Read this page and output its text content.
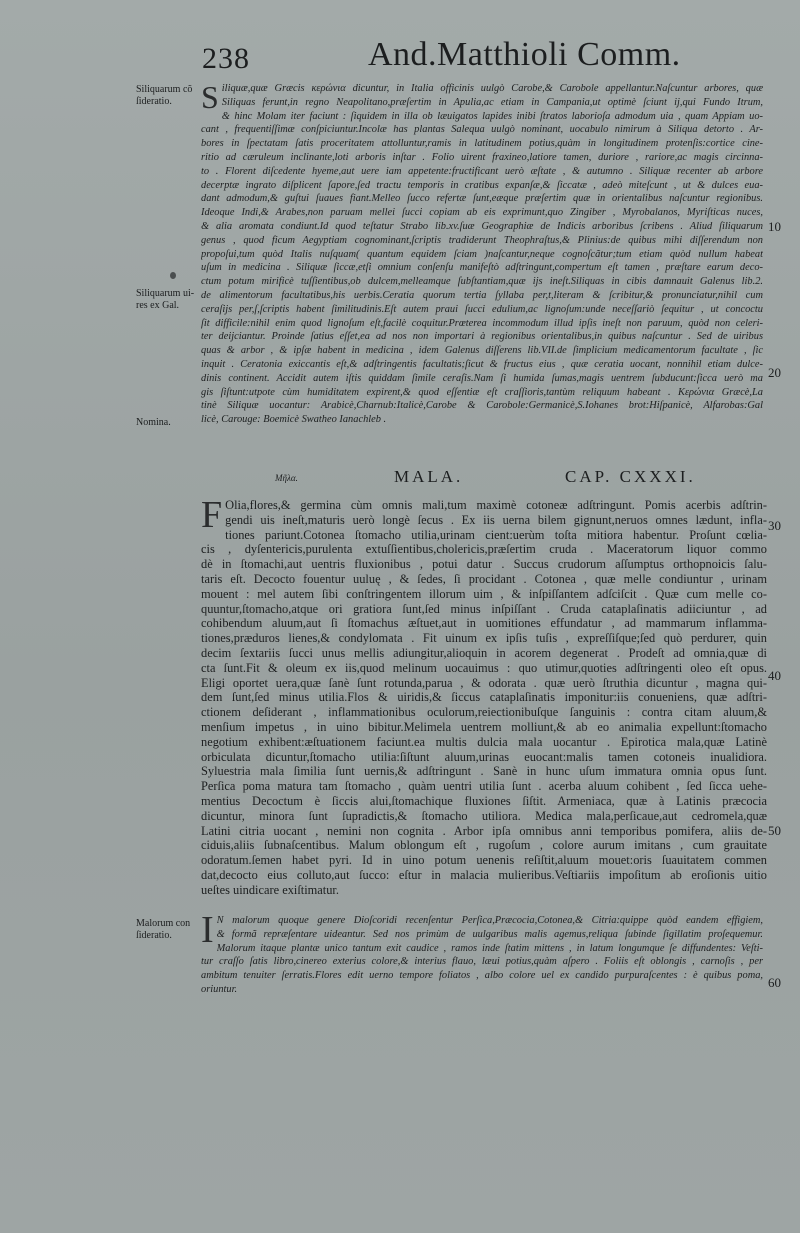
238	And.Matthioli Comm.
Siliquarum cõ ſideratio.
Siliquarum ui-res ex Gal.
Nomina.
Malorum con ſideratio.
10
20
30
40
50
60
S iliquæ,quæ Græcis κερώνια dicuntur, in Italia officinis uulgò Carobe,& Carobole appellantur.Naſcuntur arbores, quæ
Siliquas ferunt,in regno Neapolitano,præſertim in Apulia,ac etiam in Campania,ut optimè ſciunt ij,qui Fundo Itrum,
& hinc Molam iter faciunt : ſiquidem in illa ob læuigatos lapides inibi ſtratos laborioſa admodum uia , quam Appiam uo-
cant , frequentiſſimæ conſpiciuntur.Incolæ has plantas Salequa uulgò nominant, uocabulo nimirum à Siliqua detorto . Ar-
bores in ſpectatam ſatis proceritatem attolluntur,ramis in latitudinem potius,quàm in longitudinem protenſis:cortice cine-
ritio ad cæruleum inclinante,loti arboris inſtar . Folio uirent fraxineo,latiore tamen, duriore , rariore,ac magis circinna-
to . Florent diſcedente hyeme,aut uere iam appetente:fructificant uerò æſtate , & autumno . Siliquæ recenter ab arbore
decerptæ ingrato diſplicent ſapore,ſed tractu temporis in cratibus expanſæ,& ſiccatæ , adeò miteſcunt , ut & dulces eua-
dant admodum,& guſtui ſuaues fiant.Melleo ſucco refertæ ſunt,eæque præſertim quæ in orientalibus naſcuntur regionibus.
Ideoque Indi,& Arabes,non paruam mellei ſucci copiam ab eis exprimunt,quo Zingiber , Myrobalanos, Myriſticas nuces,
& alia aromata condiunt.Id quod teſtatur Strabo lib.xv.ſuæ Geographiæ de Indicis arboribus ſcribens . Aliud ſiliquarum
genus , quod ficum Aegyptiam cognominant,ſcriptis tradiderunt Theophraſtus,& Plinius:de quibus mihi diſſerendum non
propoſui,tum quòd Italis nuſquam( quantum equidem ſciam )naſcantur,neque cognoſcãtur;tum etiam quòd nullum habeat
uſum in medicina . Siliquæ ſiccæ,etſi omnium conſenſu manifeſtò adſtringunt,compertum eſt tamen , præſtare earum deco-
ctum potum mirificè tuſſientibus,ob dulcem,melleamque ſubſtantiam,quæ ijs ineſt.Siliquas in cibis damnauit Galenus lib.2.
de alimentorum facultatibus,his uerbis.Ceratia quorum tertia ſyllaba per,t,literam & ſcribitur,& pronunciatur,nihil cum
ceraſijs per,ſ,ſcriptis habent ſimilitudinis.Eſt autem praui ſucci edulium,ac lignoſum:unde neceſſariò ſequitur , ut concoctu
ſit difficile:nihil enim quod lignoſum eſt,facilè coquitur.Prœterea incommodum illud ipſis ineſt non paruum, quòd non celeri-
ter deijciantur. Proinde ſatius eſſet,ea ad nos non importari à regionibus orientalibus,in quibus naſcuntur . Sed de uiribus
quas & arbor , & ipſæ habent in medicina , idem Galenus diſſerens lib.VII.de ſimplicium medicamentorum facultate , ſic
inquit . Ceratonia exiccantis eſt,& adſtringentis facultatis;ſicut & fructus eius , quæ ceratia uocant, nonnihil etiam dulce-
dinis continent. Accidit autem iſtis quiddam ſimile ceraſis.Nam ſi humida ſumas,magis uentrem ſubducunt:ſicca uerò ma
gis ſiſtunt:utpote cùm humiditatem expirent,& quod eſſentiæ eſt craſſioris,tantùm reliquum habeant . Κερώνια Græcè,La
tinè Siliquæ uocantur: Arabicè,Charnub:Italicè,Carobe & Carobole:Germanicè,S.Iohanes brot:Hiſpanicè, Alfarobas:Gal
licè, Carouge: Boemicè Swatheo Ianachleb .
Μῆλα.	MALA.	CAP. CXXXI.
F Olia,flores,& germina cùm omnis mali,tum maximè cotoneæ adſtringunt. Pomis acerbis adſtrin-
gendi uis ineſt,maturis uerò longè ſecus . Ex iis uerna bilem gignunt,neruos omnes lædunt, infla-
tiones pariunt.Cotonea ſtomacho utilia,urinam cient:uerùm toſta mitiora habentur. Proſunt cœlia-
cis , dyſentericis,purulenta extuſſientibus,cholericis,præſertim cruda . Maceratorum liquor commo
dè in ſtomachi,aut uentris fluxionibus , potui datur . Succus crudorum aſſumptus orthopnoicis ſalu-
taris eſt. Decocto fouentur uuluę , & ſedes, ſi procidant . Cotonea , quæ melle condiuntur , urinam
mouent : mel autem ſibi conſtringentem illorum uim , & inſpiſſantem adſciſcit . Quæ cum melle co-
quuntur,ſtomacho,atque ori gratiora ſunt,ſed minus inſpiſſant . Cruda cataplaſinatis adiiciuntur , ad
cohibendum aluum,aut ſi ſtomachus æſtuet,aut in uomitiones effundatur , ad mammarum inflamma-
tiones,præduros lienes,& condylomata . Fit uinum ex ipſis tuſis , expreſſiſque;ſed quò perdurет, quin
decim ſextariis ſucci unus mellis adiungitur,alioquin in acorem degenerat . Prodeſt ad omnia,quæ di
cta ſunt.Fit & oleum ex iis,quod melinum uocauimus : quo utimur,quoties adſtringenti oleo eſt opus.
Eligi oportet uera,quæ ſanè ſunt rotunda,parua , & odorata . quæ uerò ſtruthia dicuntur , magna qui-
dem ſunt,ſed minus utilia.Flos & uiridis,& ſiccus cataplaſinatis imponitur:iis conueniens, quæ adſtri-
ctionem deſiderant , inflammationibus oculorum,reiectionibuſque ſanguinis : contra citam aluum,&
menſium impetus , in uino bibitur.Melimela uentrem molliunt,& ab eo animalia expellunt:ſtomacho
negotium exhibent:æſtuationem faciunt.ea multis dulcia mala uocantur . Epirotica mala,quæ Latinè
orbiculata dicuntur,ſtomacho utilia:ſiſtunt aluum,urinas euocant:malis tamen cotoneis inualidiora.
Syluestria mala ſimilia ſunt uernis,& adſtringunt . Sanè in hunc uſum immatura omnia opus ſunt.
Perſica poma matura tam ſtomacho , quàm uentri utilia ſunt . acerba aluum cohibent , ſed ſicca uehe-
mentius Decoctum è ſiccis alui,ſtomachique fluxiones ſiſtit. Armeniaca, quæ à Latinis præcocia
dicuntur, minora ſunt ſupradictis,& ſtomacho utiliora. Medica mala,perſicaue,aut cedromela,quæ
Latini citria uocant , nemini non cognita . Arbor ipſa omnibus anni temporibus pomifera, aliis de-
ciduis,aliis ſubnaſcentibus. Malum oblongum eſt , rugoſum , colore aurum imitans , cum grauitate
odoratum.ſemen habet pyri. Id in uino potum uenenis reſiſtit,aluum mouet:oris ſuauitatem commen
dat,decocto eius colluto,aut ſucco: eſtur in malacia mulieribus.Veſtiariis impoſitum ab eroſionis uitio
ueſtes uindicare exiſtimatur.
I N malorum quoque genere Dioſcoridi recenſentur Perſica,Præcocia,Cotonea,& Citria:quippe quòd eandem effigiem,
& formã repræſentare uideantur. Sed nos primùm de uulgaribus malis agemus,reliqua ſubinde ſigillatim proſequemur.
Malorum itaque plantæ unico tantum exit caudice , ramos inde ſtatim mittens , in latum longumque ſe diffundentes: Veſti-
tur craſſo ſatis libro,cinereo exterius colore,& interius flauo, læui potius,quàm aſpero . Foliis eſt oblongis , carnoſis , per
ambitum tenuiter ſerratis.Flores edit uerno tempore foliatos , albo colore uel ex candido purpuraſcentes : è quibus poma,
oriuntur.
